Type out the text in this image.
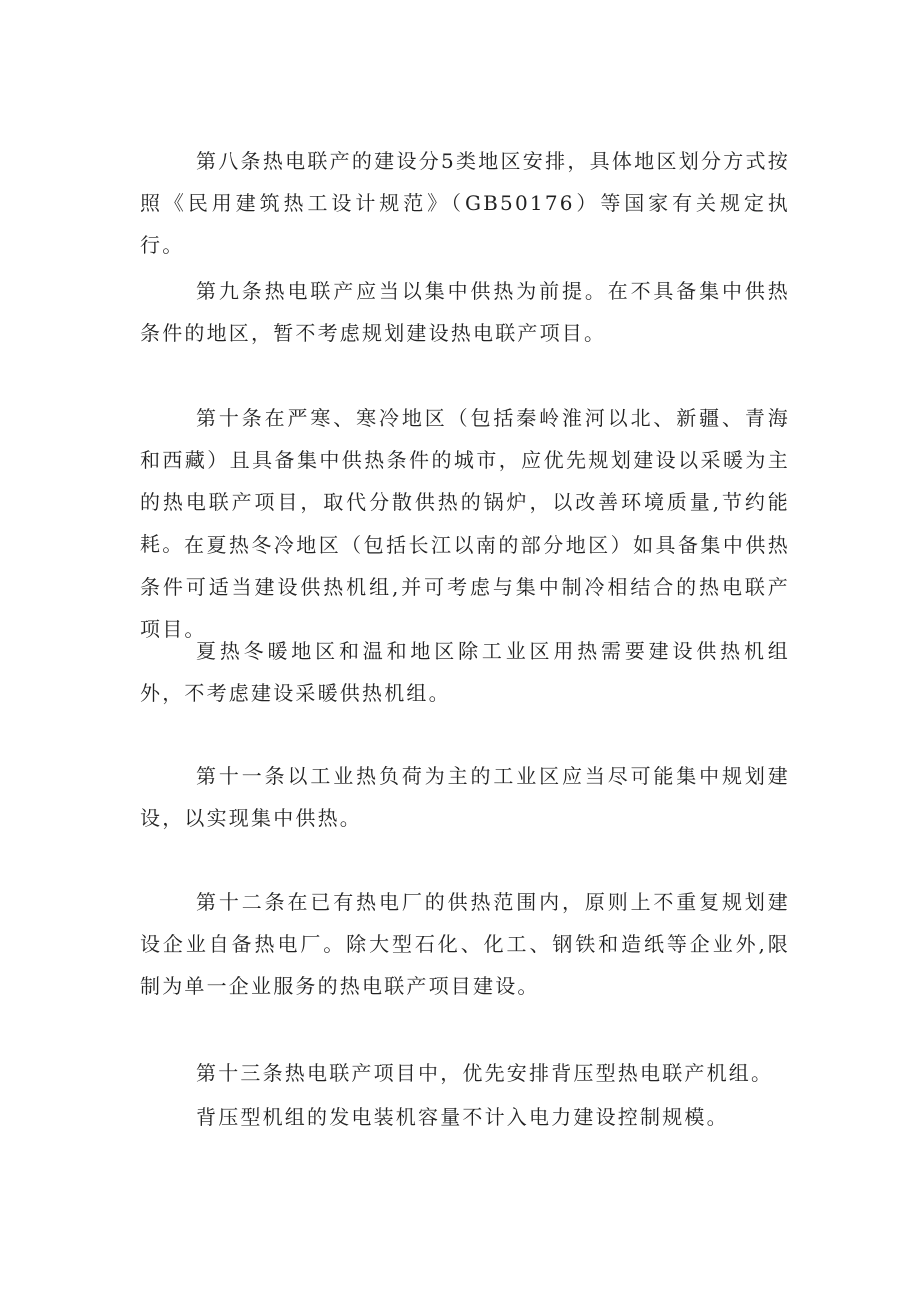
第八条热电联产的建设分5类地区安排，具体地区划分方式按照《民用建筑热工设计规范》（GB50176）等国家有关规定执行。

第九条热电联产应当以集中供热为前提。在不具备集中供热条件的地区，暂不考虑规划建设热电联产项目。

第十条在严寒、寒冷地区（包括秦岭淮河以北、新疆、青海和西藏）且具备集中供热条件的城市，应优先规划建设以采暖为主的热电联产项目，取代分散供热的锅炉，以改善环境质量,节约能耗。 在夏热冬冷地区（包括长江以南的部分地区）如具备集中供热条件可适当建设供热机组,并可考虑与集中制冷相结合的热电联产项目。

夏热冬暖地区和温和地区除工业区用热需要建设供热机组外，不考虑建设采暖供热机组。

第十一条以工业热负荷为主的工业区应当尽可能集中规划建设，以实现集中供热。

第十二条在已有热电厂的供热范围内，原则上不重复规划建设企业自备热电厂。除大型石化、化工、钢铁和造纸等企业外,限制为单一企业服务的热电联产项目建设。

第十三条热电联产项目中，优先安排背压型热电联产机组。

背压型机组的发电装机容量不计入电力建设控制规模。
